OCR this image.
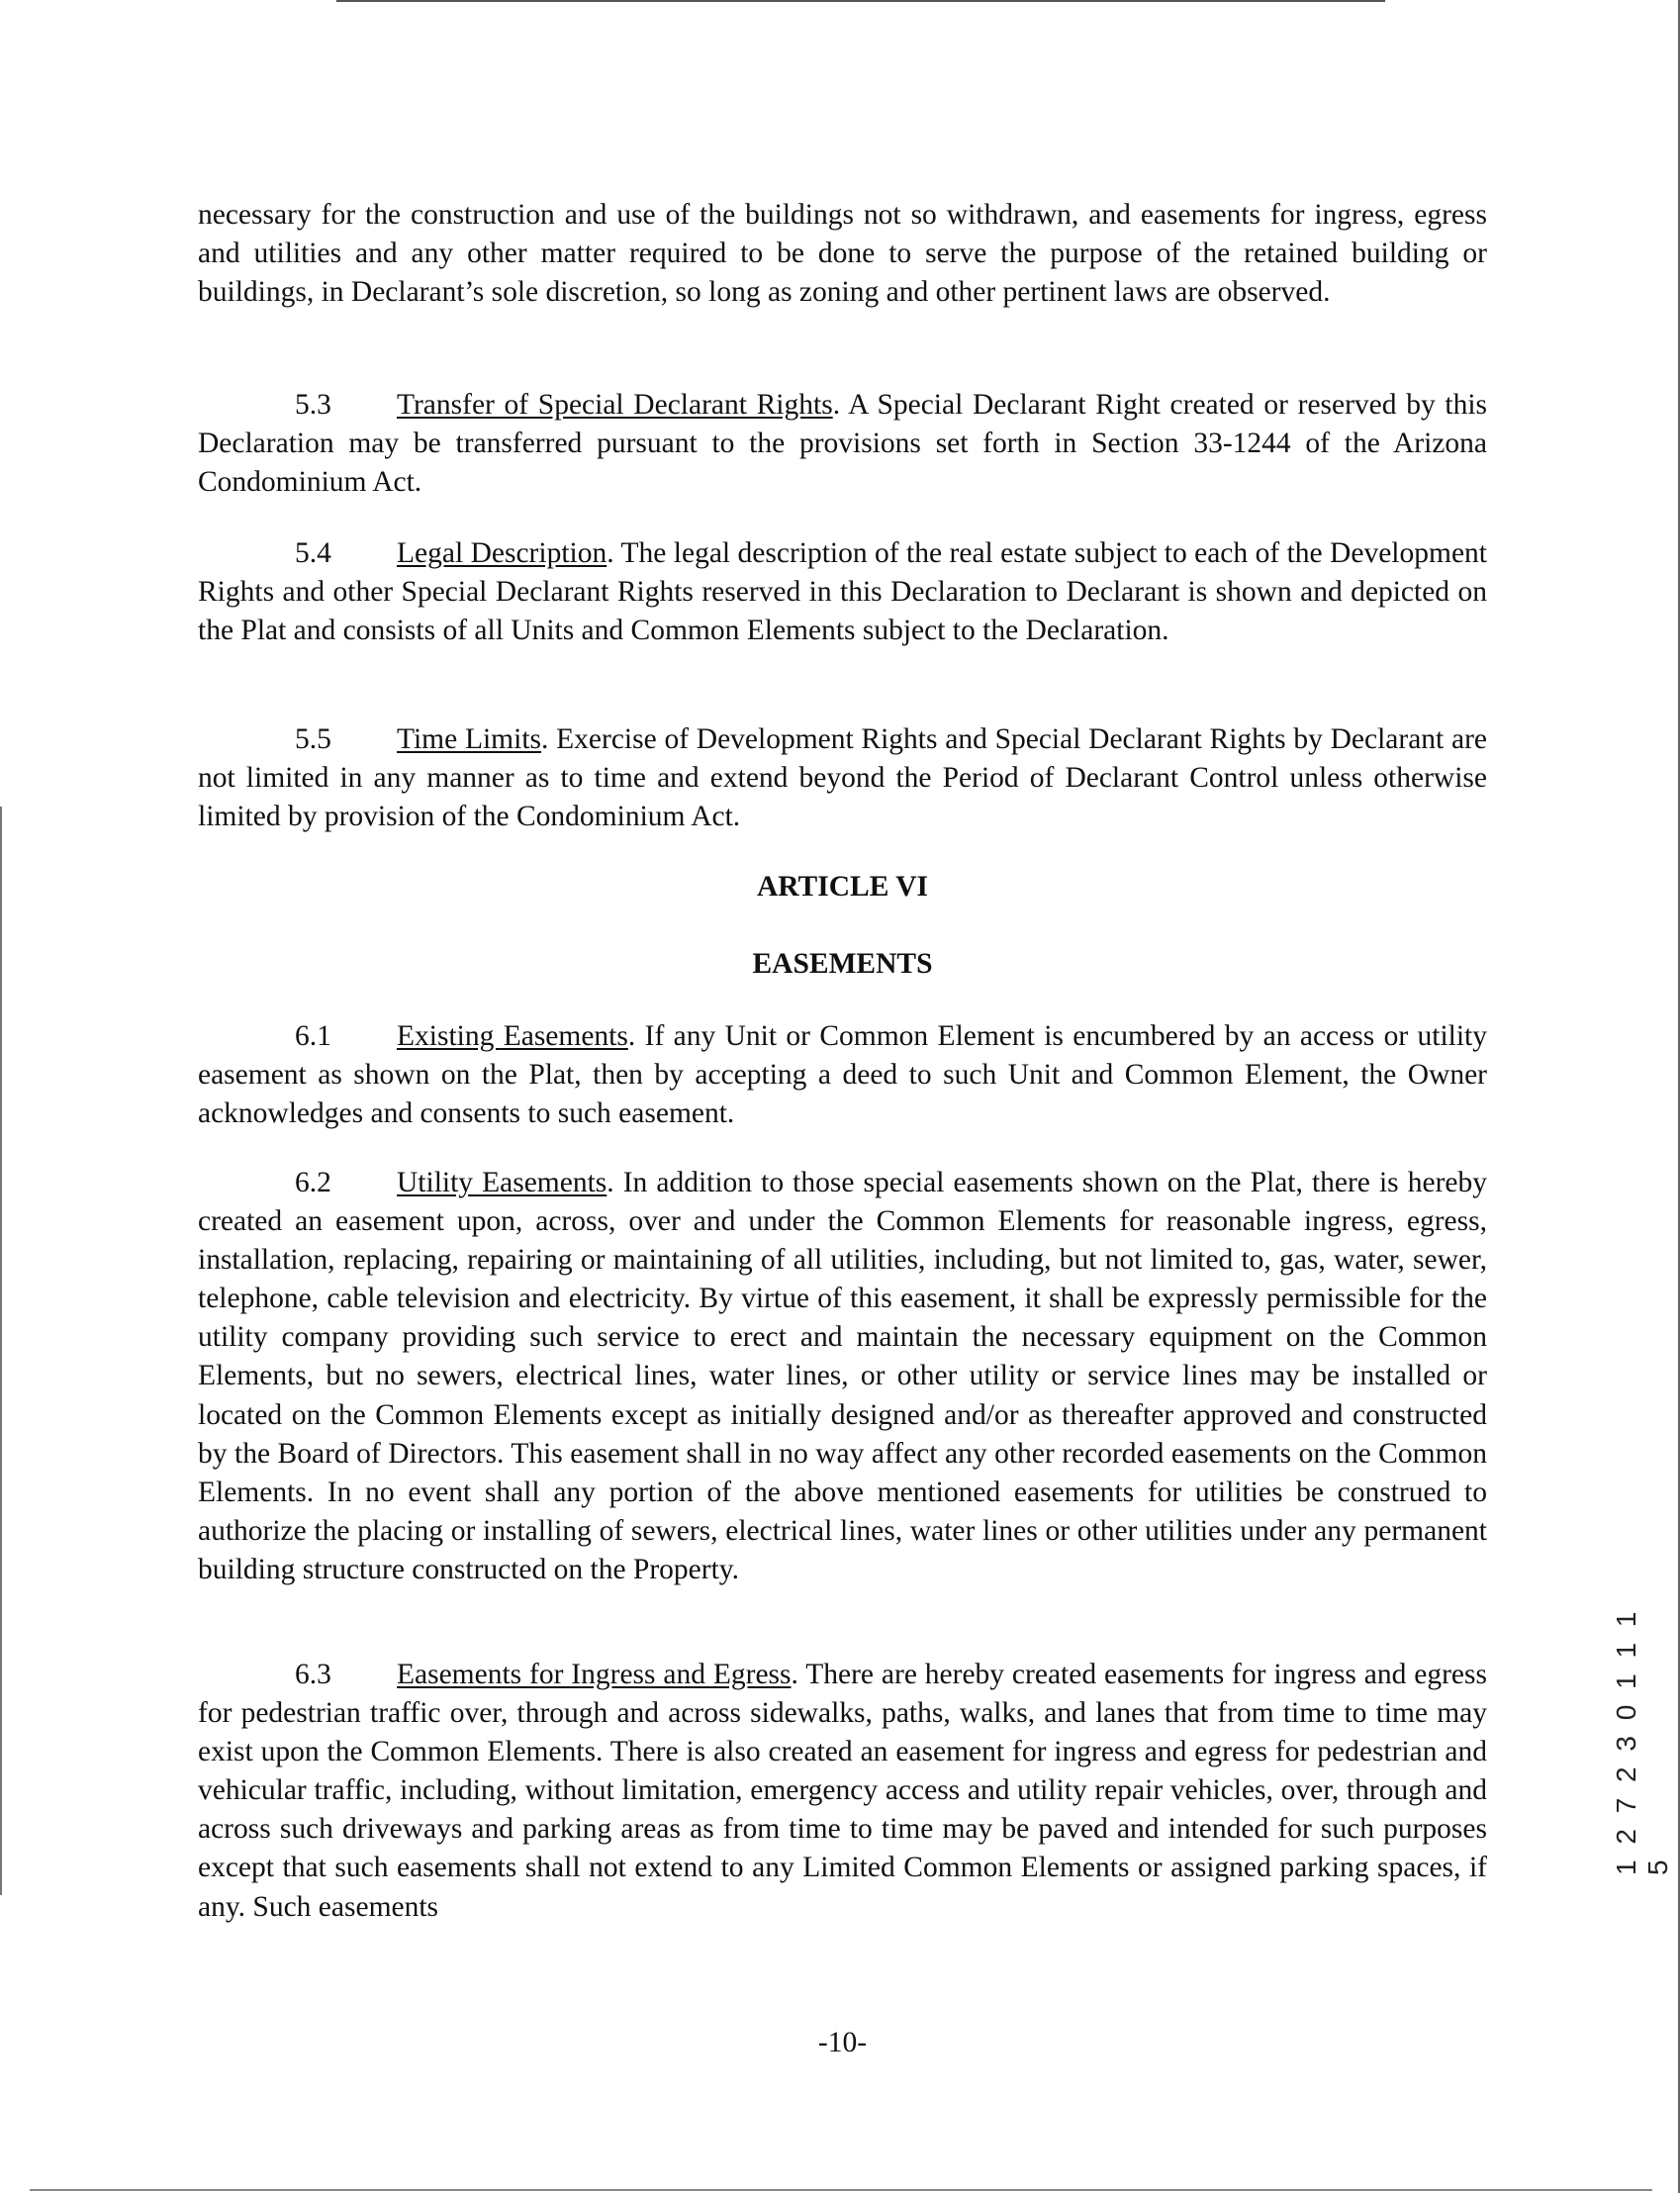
necessary for the construction and use of the buildings not so withdrawn, and easements for ingress, egress and utilities and any other matter required to be done to serve the purpose of the retained building or buildings, in Declarant’s sole discretion, so long as zoning and other pertinent laws are observed.

5.3 Transfer of Special Declarant Rights. A Special Declarant Right created or reserved by this Declaration may be transferred pursuant to the provisions set forth in Section 33-1244 of the Arizona Condominium Act.

5.4 Legal Description. The legal description of the real estate subject to each of the Development Rights and other Special Declarant Rights reserved in this Declaration to Declarant is shown and depicted on the Plat and consists of all Units and Common Elements subject to the Declaration.

5.5 Time Limits. Exercise of Development Rights and Special Declarant Rights by Declarant are not limited in any manner as to time and extend beyond the Period of Declarant Control unless otherwise limited by provision of the Condominium Act.

ARTICLE VI

EASEMENTS

6.1 Existing Easements. If any Unit or Common Element is encumbered by an access or utility easement as shown on the Plat, then by accepting a deed to such Unit and Common Element, the Owner acknowledges and consents to such easement.

6.2 Utility Easements. In addition to those special easements shown on the Plat, there is hereby created an easement upon, across, over and under the Common Elements for reasonable ingress, egress, installation, replacing, repairing or maintaining of all utilities, including, but not limited to, gas, water, sewer, telephone, cable television and electricity. By virtue of this easement, it shall be expressly permissible for the utility company providing such service to erect and maintain the necessary equipment on the Common Elements, but no sewers, electrical lines, water lines, or other utility or service lines may be installed or located on the Common Elements except as initially designed and/or as thereafter approved and constructed by the Board of Directors. This easement shall in no way affect any other recorded easements on the Common Elements. In no event shall any portion of the above mentioned easements for utilities be construed to authorize the placing or installing of sewers, electrical lines, water lines or other utilities under any permanent building structure constructed on the Property.

6.3 Easements for Ingress and Egress. There are hereby created easements for ingress and egress for pedestrian traffic over, through and across sidewalks, paths, walks, and lanes that from time to time may exist upon the Common Elements. There is also created an easement for ingress and egress for pedestrian and vehicular traffic, including, without limitation, emergency access and utility repair vehicles, over, through and across such driveways and parking areas as from time to time may be paved and intended for such purposes except that such easements shall not extend to any Limited Common Elements or assigned parking spaces, if any. Such easements

-10-

1 2 7 2 3 0 1 1 1 5
